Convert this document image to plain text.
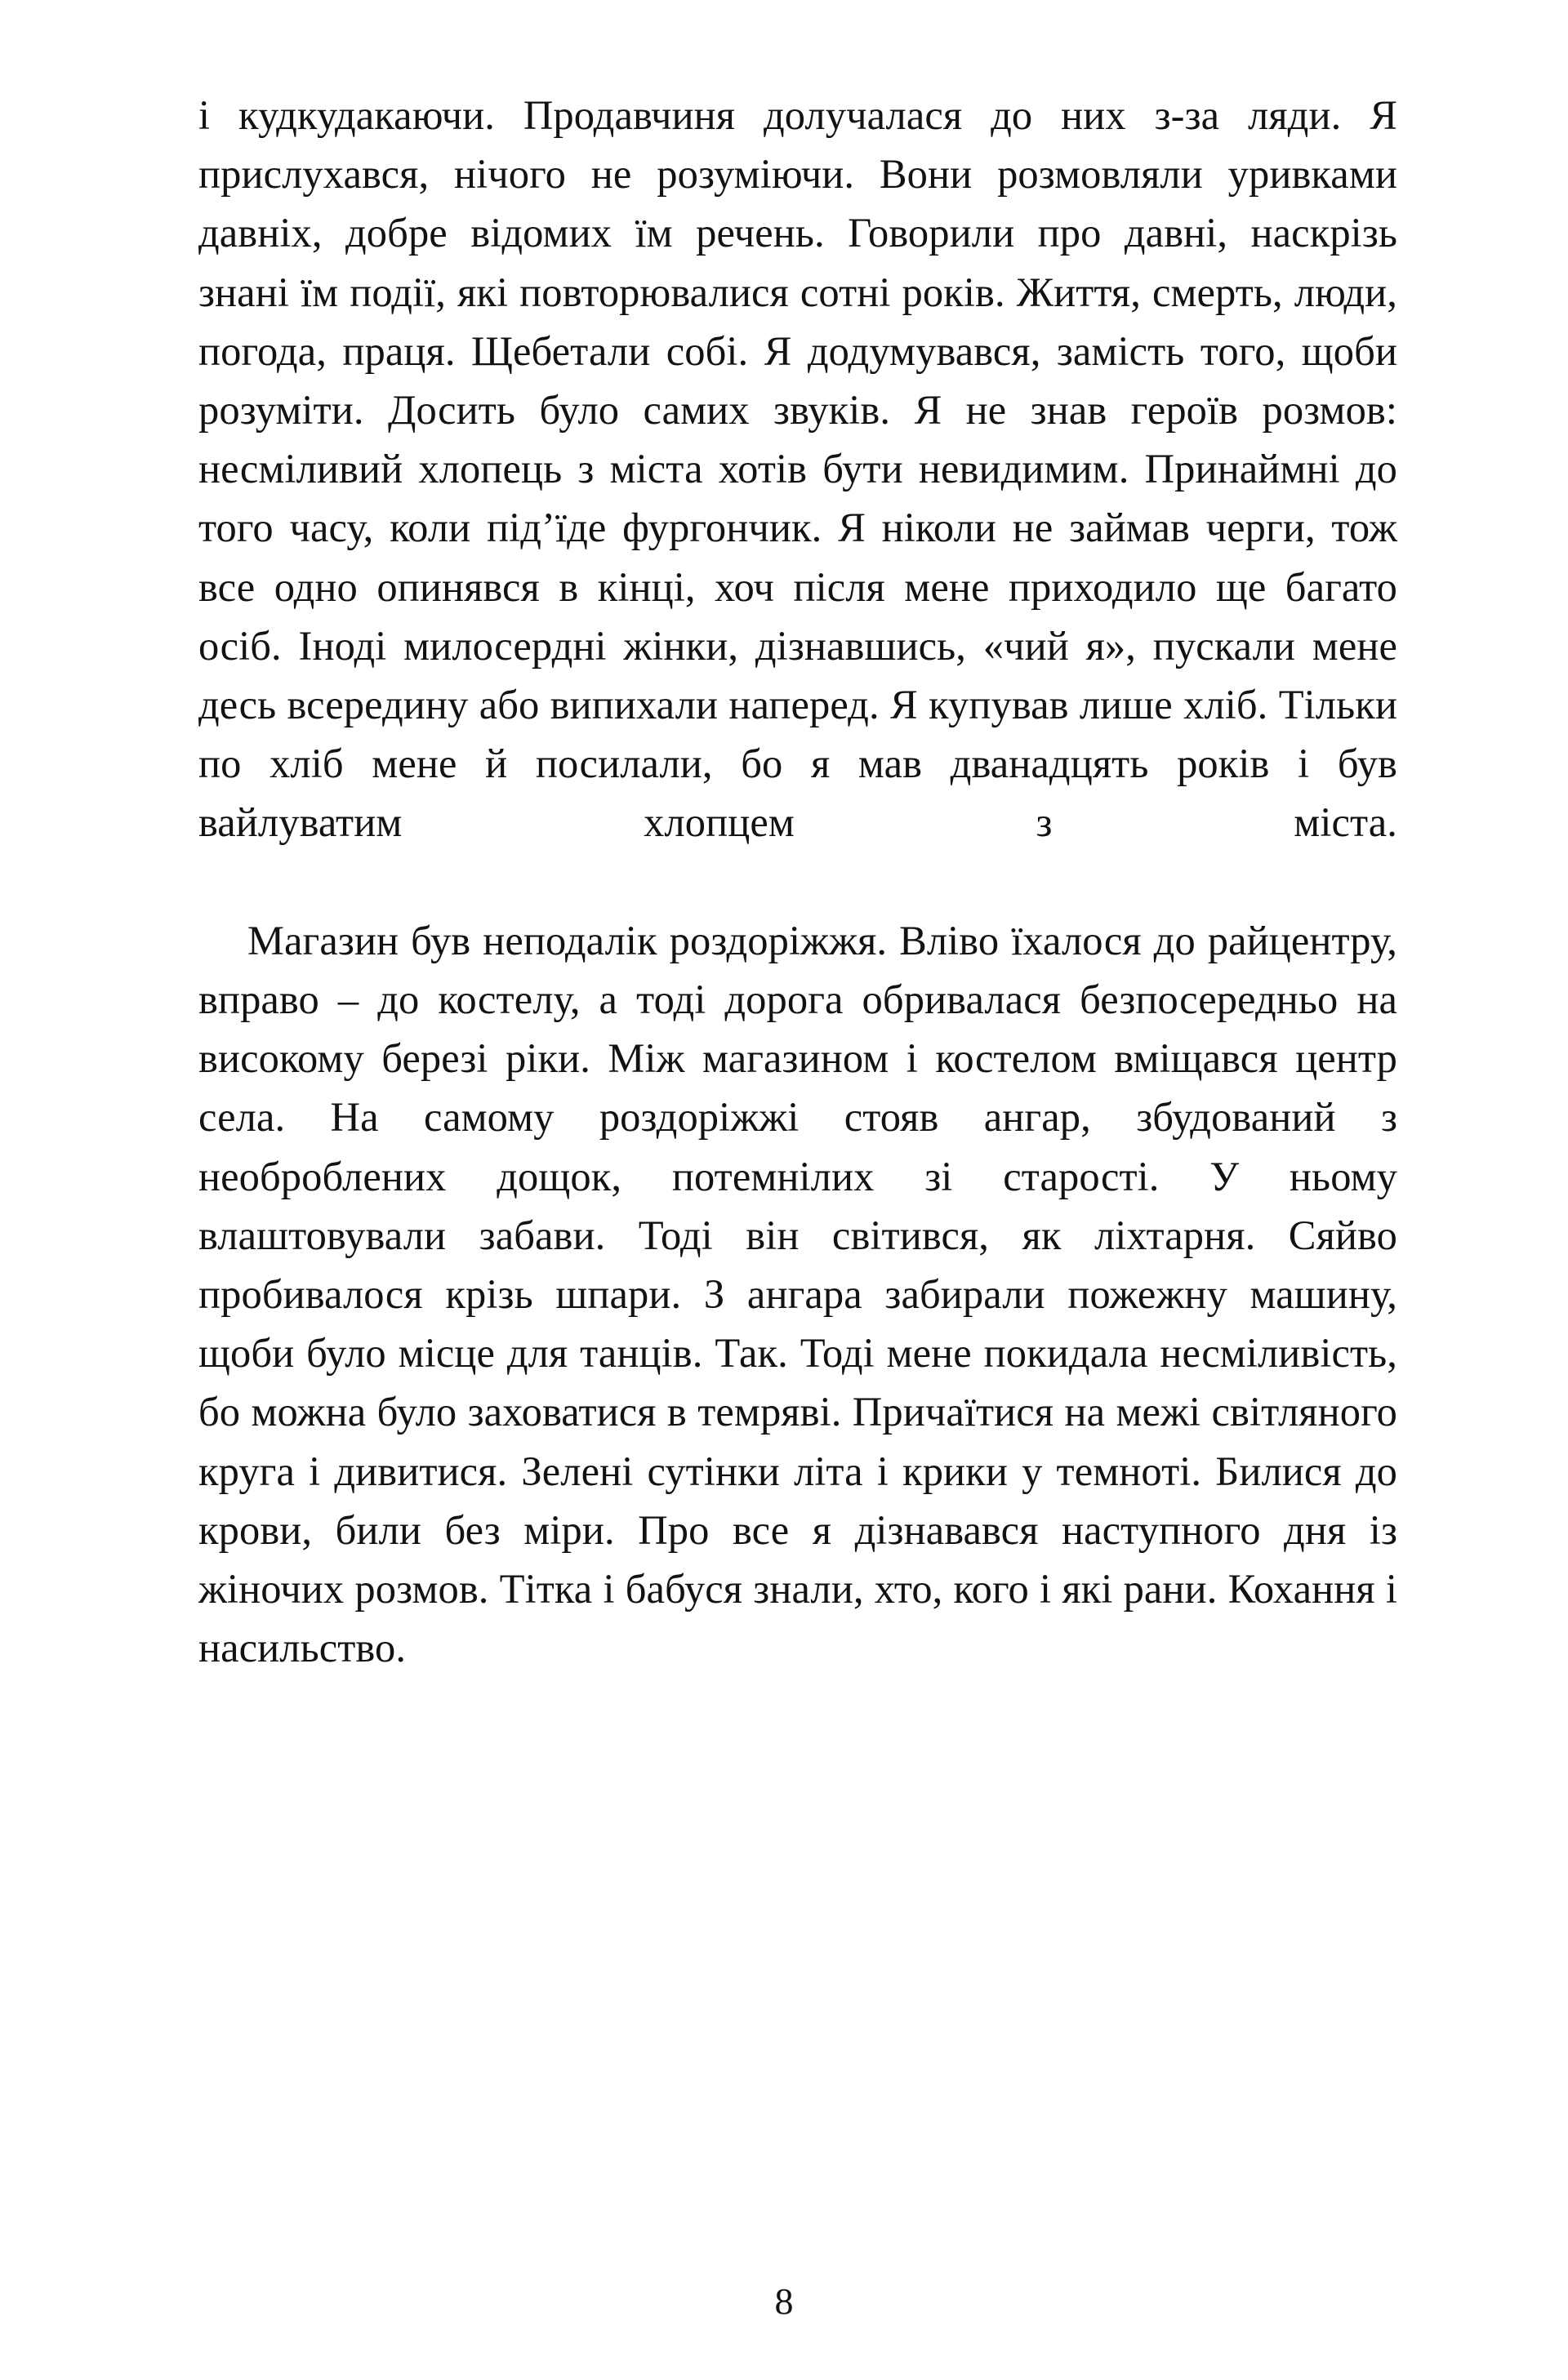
і кудкудакаючи. Продавчиня долучалася до них з-за ляди. Я прислухався, нічого не розуміючи. Вони розмовляли уривками давніх, добре відомих їм речень. Говорили про давні, наскрізь знані їм події, які повторювалися сотні років. Життя, смерть, люди, погода, праця. Щебетали собі. Я додумувався, замість того, щоби розуміти. Досить було самих звуків. Я не знав героїв розмов: несміливий хлопець з міста хотів бути невидимим. Принаймні до того часу, коли під’їде фургончик. Я ніколи не займав черги, тож все одно опинявся в кінці, хоч після мене приходило ще багато осіб. Іноді милосердні жінки, дізнавшись, «чий я», пускали мене десь всередину або випихали наперед. Я купував лише хліб. Тільки по хліб мене й посилали, бо я мав дванадцять років і був вайлуватим хлопцем з міста.

Магазин був неподалік роздоріжжя. Вліво їхалося до райцентру, вправо – до костелу, а тоді дорога обривалася безпосередньо на високому березі ріки. Між магазином і костелом вміщався центр села. На самому роздоріжжі стояв ангар, збудований з необроблених дощок, потемнілих зі старості. У ньому влаштовували забави. Тоді він світився, як ліхтарня. Сяйво пробивалося крізь шпари. З ангара забирали пожежну машину, щоби було місце для танців. Так. Тоді мене покидала несміливість, бо можна було заховатися в темряві. Причаїтися на межі світляного круга і дивитися. Зелені сутінки літа і крики у темноті. Билися до крови, били без міри. Про все я дізнавався наступного дня із жіночих розмов. Тітка і бабуся знали, хто, кого і які рани. Кохання і насильство.

8
